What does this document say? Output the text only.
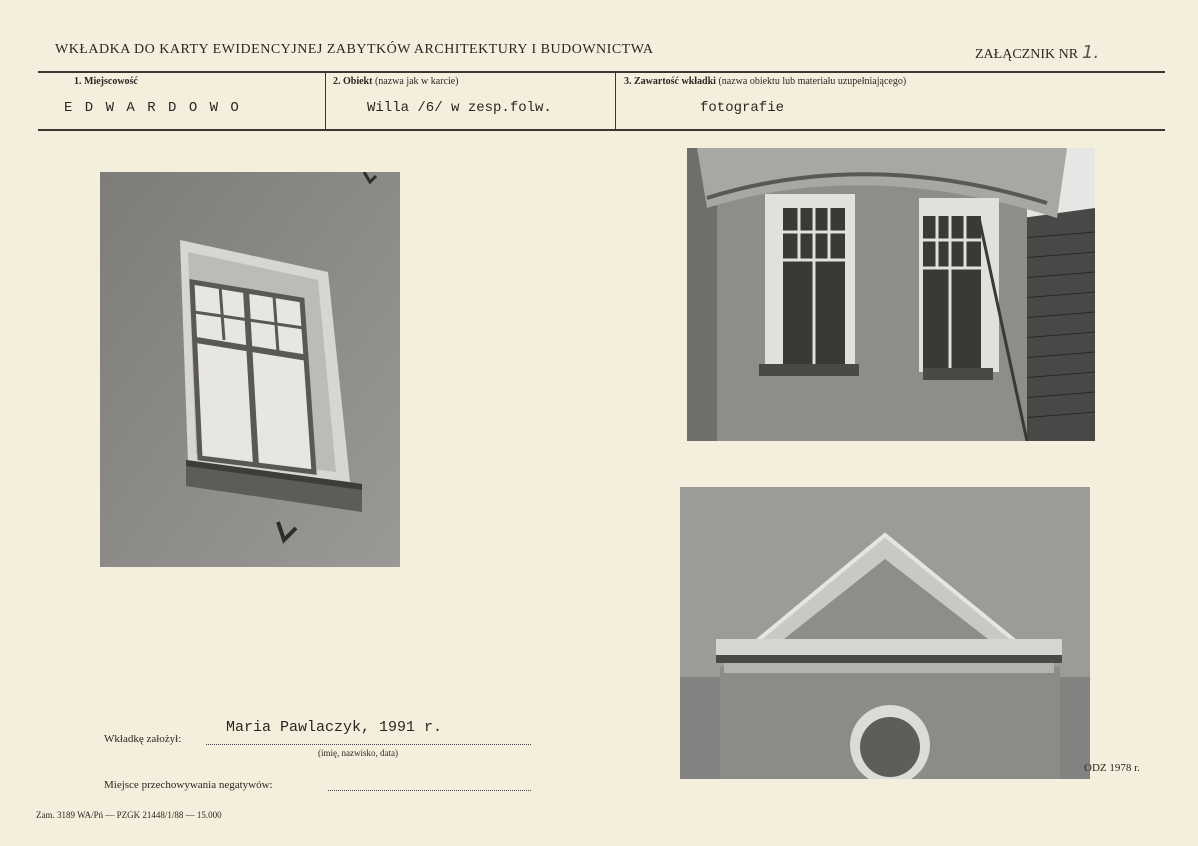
WKŁADKA DO KARTY EWIDENCYJNEJ ZABYTKÓW ARCHITEKTURY I BUDOWNICTWA	ZAŁĄCZNIK NR 1.
1. Miejscowość
E D W A R D O W O
2. Obiekt (nazwa jak w karcie)
Willa /6/ w zesp.folw.
3. Zawartość wkładki (nazwa obiektu lub materiału uzupełniającego)
fotografie
ODZ 1978 r.
Wkładkę założył:
Maria Pawlaczyk, 1991 r.
(imię, nazwisko, data)
Miejsce przechowywania negatywów:
Zam. 3189 WA/Pń — PZGK 21448/1/88 — 15.000
